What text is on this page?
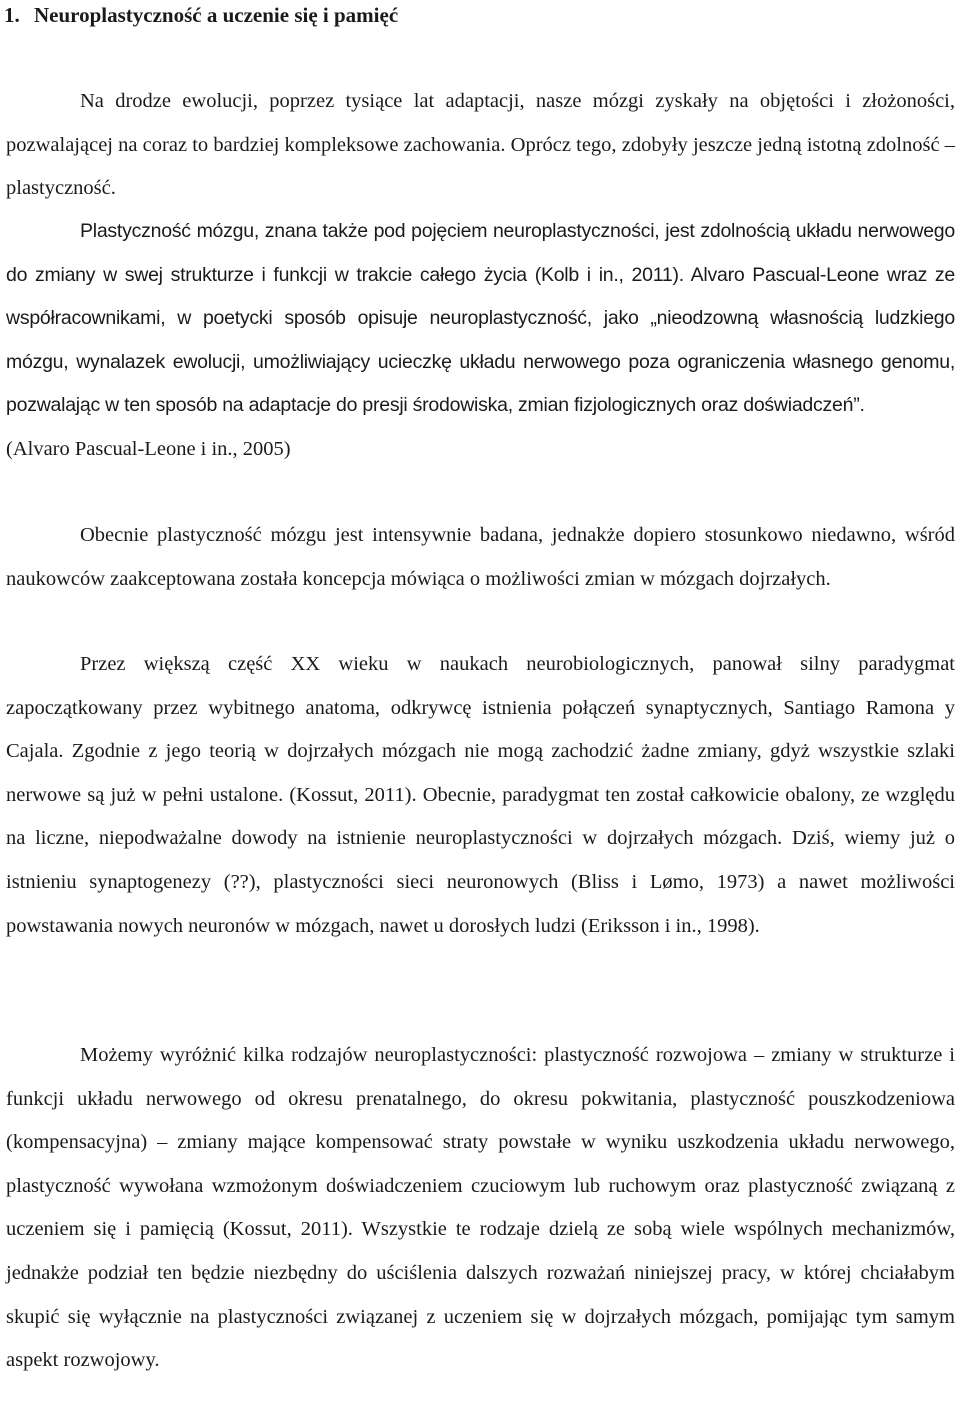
1. Neuroplastyczność a uczenie się i pamięć

Na drodze ewolucji, poprzez tysiące lat adaptacji, nasze mózgi zyskały na objętości i złożoności, pozwalającej na coraz to bardziej kompleksowe zachowania. Oprócz tego, zdobyły jeszcze jedną istotną zdolność – plastyczność.

Plastyczność mózgu, znana także pod pojęciem neuroplastyczności, jest zdolnością układu nerwowego do zmiany w swej strukturze i funkcji w trakcie całego życia (Kolb i in., 2011). Alvaro Pascual-Leone wraz ze współracownikami, w poetycki sposób opisuje neuroplastyczność, jako „nieodzowną własnością ludzkiego mózgu, wynalazek ewolucji, umożliwiający ucieczkę układu nerwowego poza ograniczenia własnego genomu, pozwalając w ten sposób na adaptacje do presji środowiska, zmian fizjologicznych oraz doświadczeń”.
(Alvaro Pascual-Leone i in., 2005)

Obecnie plastyczność mózgu jest intensywnie badana, jednakże dopiero stosunkowo niedawno, wśród naukowców zaakceptowana została koncepcja mówiąca o możliwości zmian w mózgach dojrzałych.

Przez większą część XX wieku w naukach neurobiologicznych, panował silny paradygmat zapoczątkowany przez wybitnego anatoma, odkrywcę istnienia połączeń synaptycznych, Santiago Ramona y Cajala. Zgodnie z jego teorią w dojrzałych mózgach nie mogą zachodzić żadne zmiany, gdyż wszystkie szlaki nerwowe są już w pełni ustalone. (Kossut, 2011). Obecnie, paradygmat ten został całkowicie obalony, ze względu na liczne, niepodważalne dowody na istnienie neuroplastyczności w dojrzałych mózgach. Dziś, wiemy już o istnieniu synaptogenezy (??), plastyczności sieci neuronowych (Bliss i Lømo, 1973) a nawet możliwości powstawania nowych neuronów w mózgach, nawet u dorosłych ludzi (Eriksson i in., 1998).

Możemy wyróżnić kilka rodzajów neuroplastyczności: plastyczność rozwojowa – zmiany w strukturze i funkcji układu nerwowego od okresu prenatalnego, do okresu pokwitania, plastyczność pouszkodzeniowa (kompensacyjna) – zmiany mające kompensować straty powstałe w wyniku uszkodzenia układu nerwowego, plastyczność wywołana wzmożonym doświadczeniem czuciowym lub ruchowym oraz plastyczność związaną z uczeniem się i pamięcią (Kossut, 2011). Wszystkie te rodzaje dzielą ze sobą wiele wspólnych mechanizmów, jednakże podział ten będzie niezbędny do uściślenia dalszych rozważań niniejszej pracy, w której chciałabym skupić się wyłącznie na plastyczności związanej z uczeniem się w dojrzałych mózgach, pomijając tym samym aspekt rozwojowy.
